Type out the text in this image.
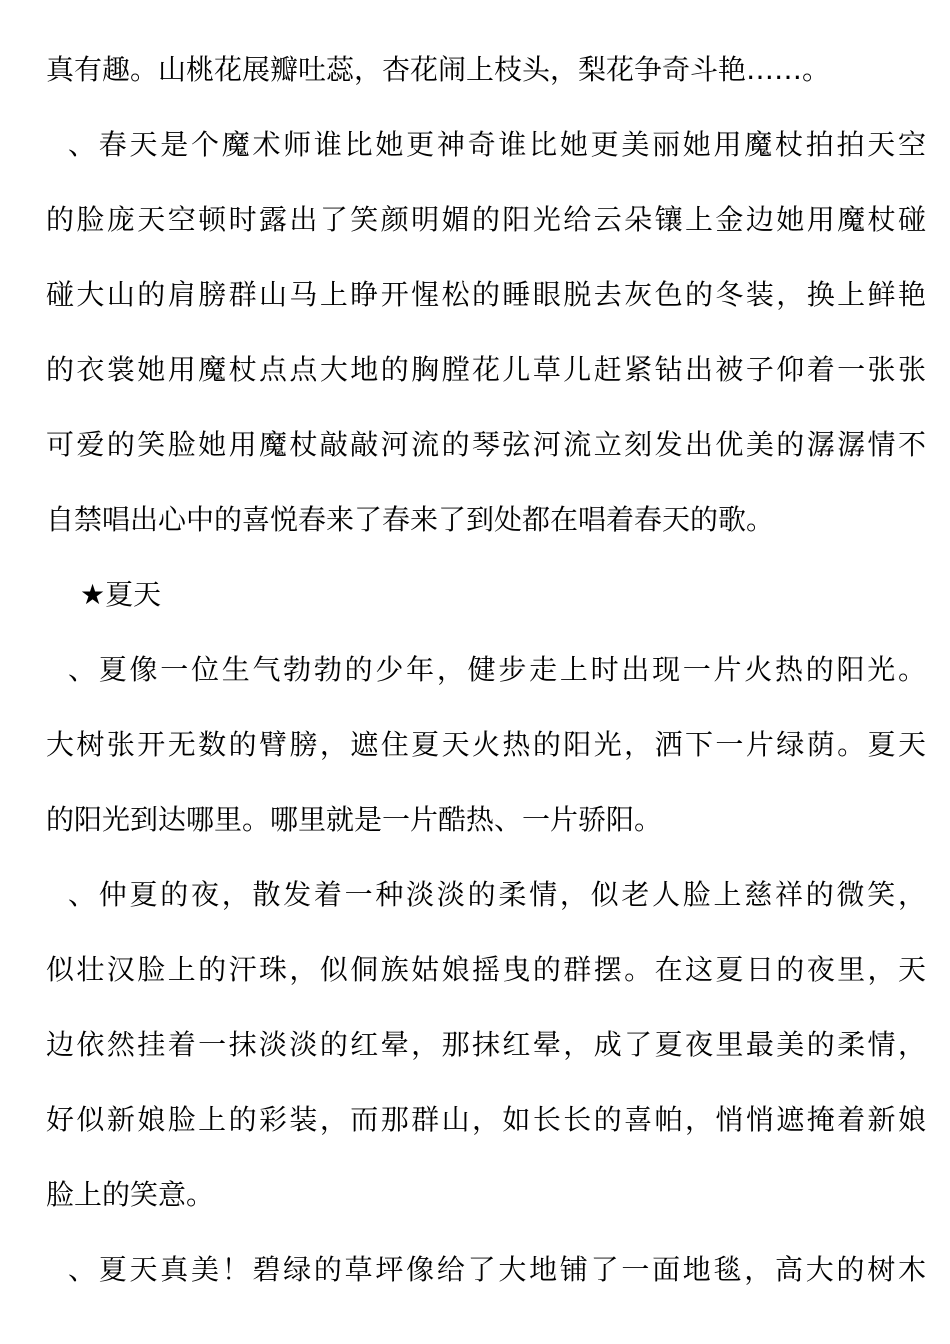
真有趣。山桃花展瓣吐蕊，杏花闹上枝头，梨花争奇斗艳……。
、春天是个魔术师谁比她更神奇谁比她更美丽她用魔杖拍拍天空
的脸庞天空顿时露出了笑颜明媚的阳光给云朵镶上金边她用魔杖碰
碰大山的肩膀群山马上睁开惺松的睡眼脱去灰色的冬装，换上鲜艳
的衣裳她用魔杖点点大地的胸膛花儿草儿赶紧钻出被子仰着一张张
可爱的笑脸她用魔杖敲敲河流的琴弦河流立刻发出优美的潺潺情不
自禁唱出心中的喜悦春来了春来了到处都在唱着春天的歌。
★夏天
、夏像一位生气勃勃的少年，健步走上时出现一片火热的阳光。
大树张开无数的臂膀，遮住夏天火热的阳光，洒下一片绿荫。夏天
的阳光到达哪里。哪里就是一片酷热、一片骄阳。
、仲夏的夜，散发着一种淡淡的柔情，似老人脸上慈祥的微笑，
似壮汉脸上的汗珠，似侗族姑娘摇曳的群摆。在这夏日的夜里，天
边依然挂着一抹淡淡的红晕，那抹红晕，成了夏夜里最美的柔情，
好似新娘脸上的彩装，而那群山，如长长的喜帕，悄悄遮掩着新娘
脸上的笑意。
、夏天真美！碧绿的草坪像给了大地铺了一面地毯，高大的树木
